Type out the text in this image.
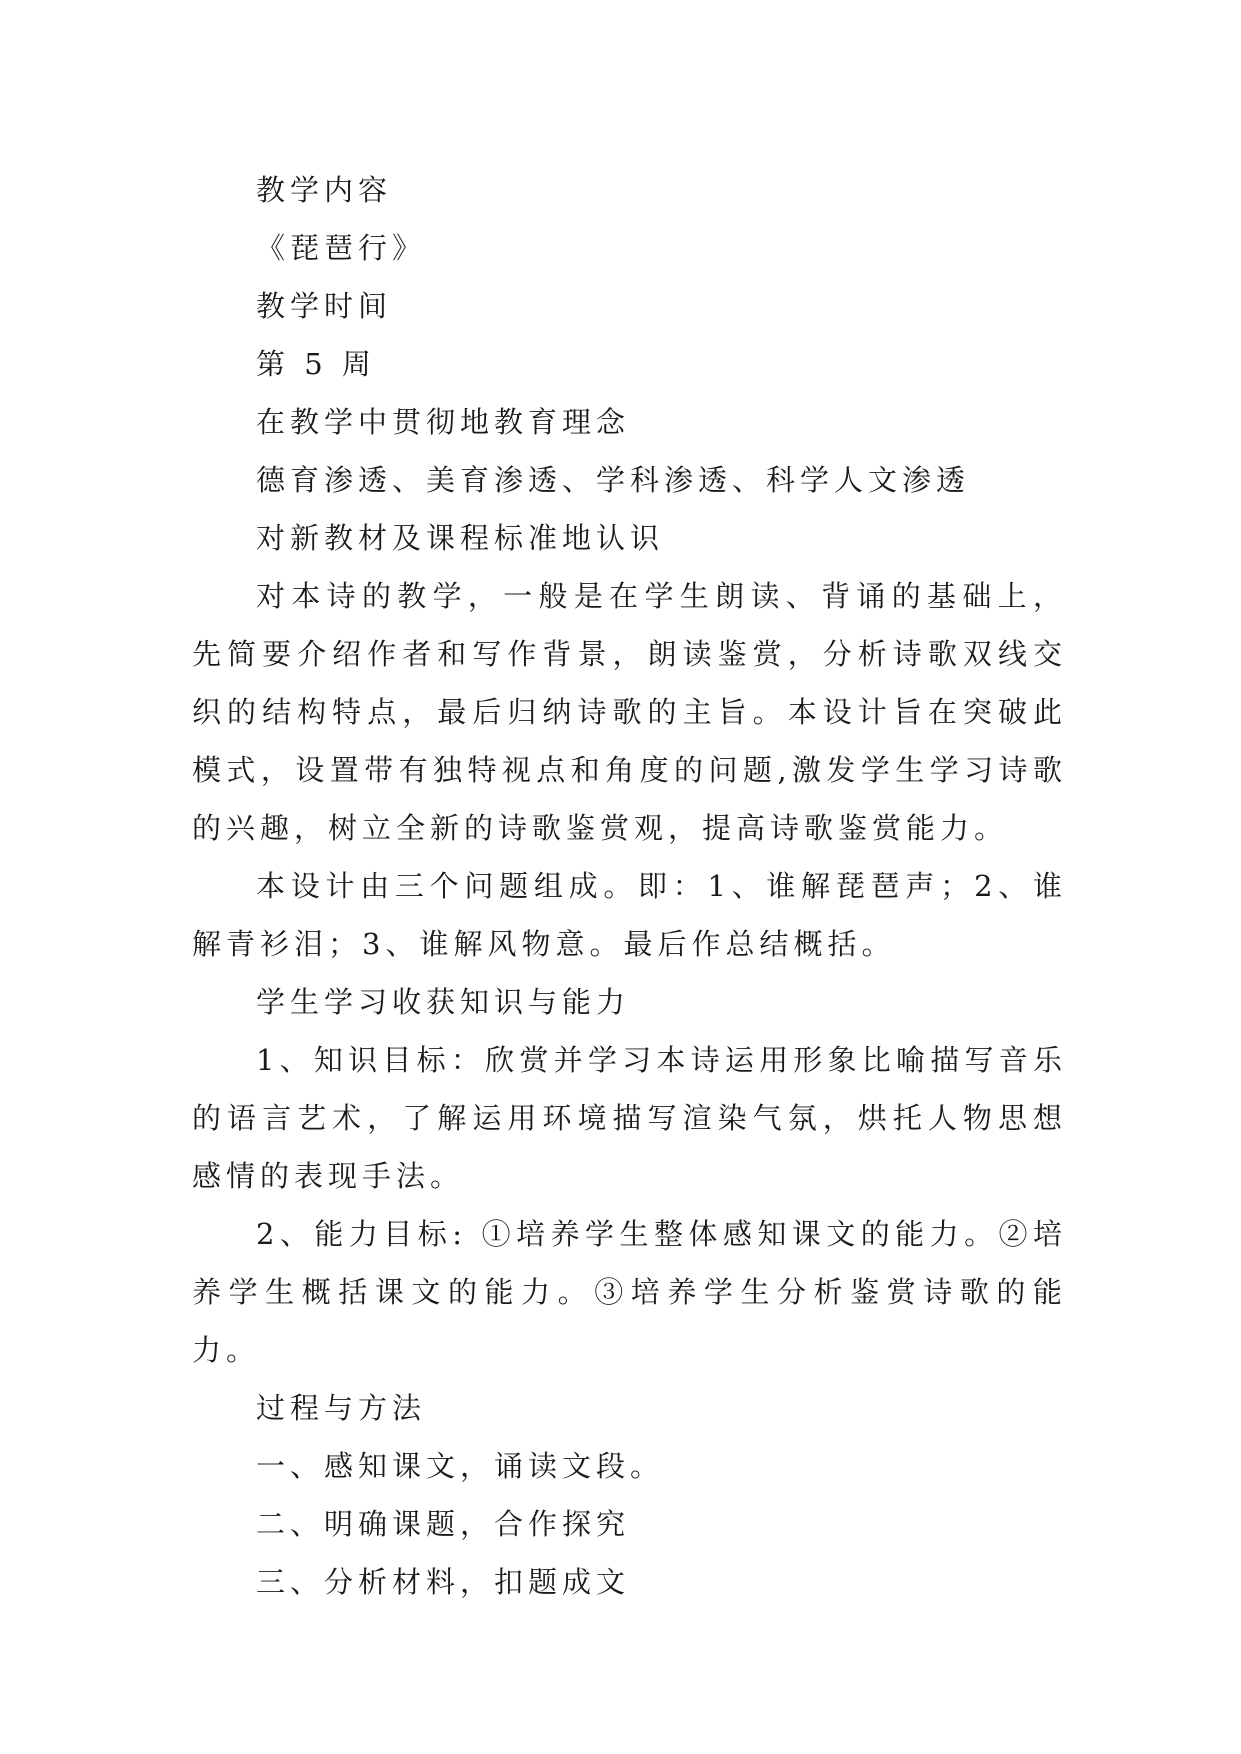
教学内容
《琵琶行》
教学时间
第 5 周
在教学中贯彻地教育理念
德育渗透、美育渗透、学科渗透、科学人文渗透
对新教材及课程标准地认识

对本诗的教学，一般是在学生朗读、背诵的基础上，先简要介绍作者和写作背景，朗读鉴赏，分析诗歌双线交织的结构特点，最后归纳诗歌的主旨。本设计旨在突破此模式，设置带有独特视点和角度的问题,激发学生学习诗歌的兴趣，树立全新的诗歌鉴赏观，提高诗歌鉴赏能力。

本设计由三个问题组成。即：1、谁解琵琶声；2、谁解青衫泪；3、谁解风物意。最后作总结概括。

学生学习收获知识与能力

1、知识目标：欣赏并学习本诗运用形象比喻描写音乐的语言艺术，了解运用环境描写渲染气氛，烘托人物思想感情的表现手法。

2、能力目标: ①培养学生整体感知课文的能力。②培养学生概括课文的能力。③培养学生分析鉴赏诗歌的能力。

过程与方法
一、感知课文，诵读文段。
二、明确课题，合作探究
三、分析材料，扣题成文
